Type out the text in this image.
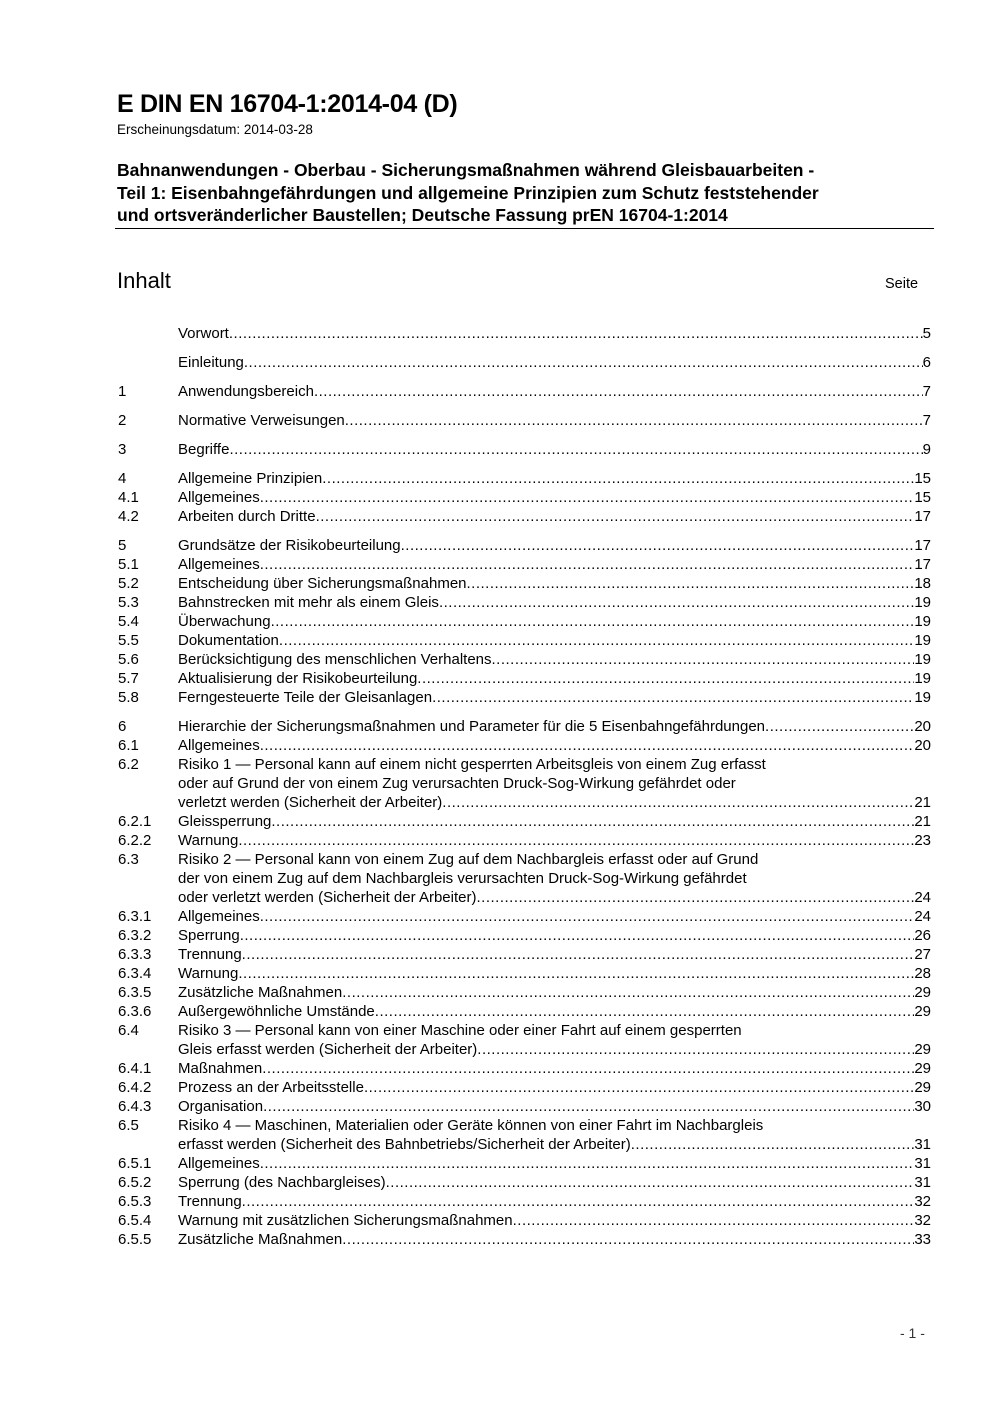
E DIN EN 16704-1:2014-04 (D)
Erscheinungsdatum: 2014-03-28
Bahnanwendungen - Oberbau - Sicherungsmaßnahmen während Gleisbauarbeiten -
Teil 1: Eisenbahngefährdungen und allgemeine Prinzipien zum Schutz feststehender
und ortsveränderlicher Baustellen; Deutsche Fassung prEN 16704-1:2014
Inhalt	Seite
Vorwort .....	5
Einleitung .....	6
1	Anwendungsbereich .....	7
2	Normative Verweisungen .....	7
3	Begriffe .....	9
4	Allgemeine Prinzipien .....	15
4.1	Allgemeines .....	15
4.2	Arbeiten durch Dritte .....	17
5	Grundsätze der Risikobeurteilung .....	17
5.1	Allgemeines .....	17
5.2	Entscheidung über Sicherungsmaßnahmen .....	18
5.3	Bahnstrecken mit mehr als einem Gleis .....	19
5.4	Überwachung .....	19
5.5	Dokumentation .....	19
5.6	Berücksichtigung des menschlichen Verhaltens .....	19
5.7	Aktualisierung der Risikobeurteilung .....	19
5.8	Ferngesteuerte Teile der Gleisanlagen .....	19
6	Hierarchie der Sicherungsmaßnahmen und Parameter für die 5 Eisenbahngefährdungen .....	20
6.1	Allgemeines .....	20
6.2	Risiko 1 — Personal kann auf einem nicht gesperrten Arbeitsgleis von einem Zug erfasst
oder auf Grund der von einem Zug verursachten Druck-Sog-Wirkung gefährdet oder
verletzt werden (Sicherheit der Arbeiter) .....	21
6.2.1	Gleissperrung .....	21
6.2.2	Warnung .....	23
6.3	Risiko 2 — Personal kann von einem Zug auf dem Nachbargleis erfasst oder auf Grund
der von einem Zug auf dem Nachbargleis verursachten Druck-Sog-Wirkung gefährdet
oder verletzt werden (Sicherheit der Arbeiter) .....	24
6.3.1	Allgemeines .....	24
6.3.2	Sperrung .....	26
6.3.3	Trennung .....	27
6.3.4	Warnung .....	28
6.3.5	Zusätzliche Maßnahmen .....	29
6.3.6	Außergewöhnliche Umstände .....	29
6.4	Risiko 3 — Personal kann von einer Maschine oder einer Fahrt auf einem gesperrten
Gleis erfasst werden (Sicherheit der Arbeiter) .....	29
6.4.1	Maßnahmen .....	29
6.4.2	Prozess an der Arbeitsstelle .....	29
6.4.3	Organisation .....	30
6.5	Risiko 4 — Maschinen, Materialien oder Geräte können von einer Fahrt im Nachbargleis
erfasst werden (Sicherheit des Bahnbetriebs/Sicherheit der Arbeiter) .....	31
6.5.1	Allgemeines .....	31
6.5.2	Sperrung (des Nachbargleises) .....	31
6.5.3	Trennung .....	32
6.5.4	Warnung mit zusätzlichen Sicherungsmaßnahmen .....	32
6.5.5	Zusätzliche Maßnahmen .....	33
- 1 -
